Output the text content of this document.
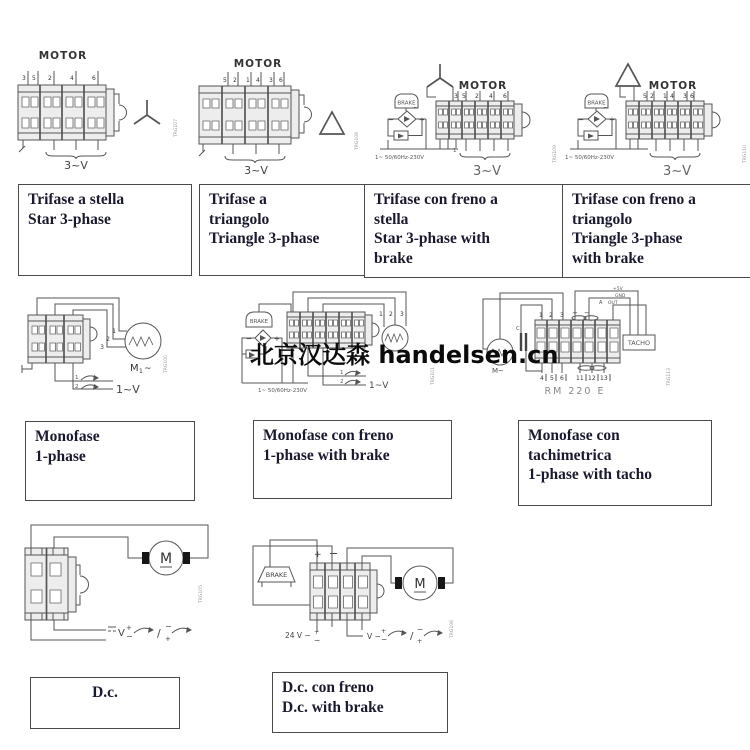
MOTOR
3 5 2	4	6
3~V
TRG107
MOTOR
5 2 1 4 3 6
3~V
TRG108
MOTOR
3 5 2 4 6
BRAKE
−	+
~
1
1~ 50/60Hz-230V
3~V
TRG109
MOTOR
5 2 1 4 3 6
BRAKE
−	+
~
1~ 50/60Hz-230V
3~V
TRG110
Trifase a stella
Star 3-phase
Trifase a
triangolo
Triangle 3-phase
Trifase con freno a
stella
Star 3-phase with
brake
Trifase con freno a
triangolo
Triangle 3-phase
with brake
1
2
3
M 1 ~
1
2	1~V
TRG100
BRAKE
−	+
1 2 3
1~ 50/60Hz-230V
1
2	1~V
TRG101	M~
C
1 2 3 + −
+5V
GND
A OUT
TACHO
4 5 6 11 12 13
RM 220 E
TRG113
Monofase
1-phase
Monofase con freno
1-phase with brake
Monofase con
tachimetrica
1-phase with tacho
M
V +
− /
−
+
TRG105
BRAKE
+ −
M
24 V − +
−	V −
+
− /
−
+
TRG106
D.c.	D.c. con freno
D.c. with brake
北京汉达森 handelsen.cn
